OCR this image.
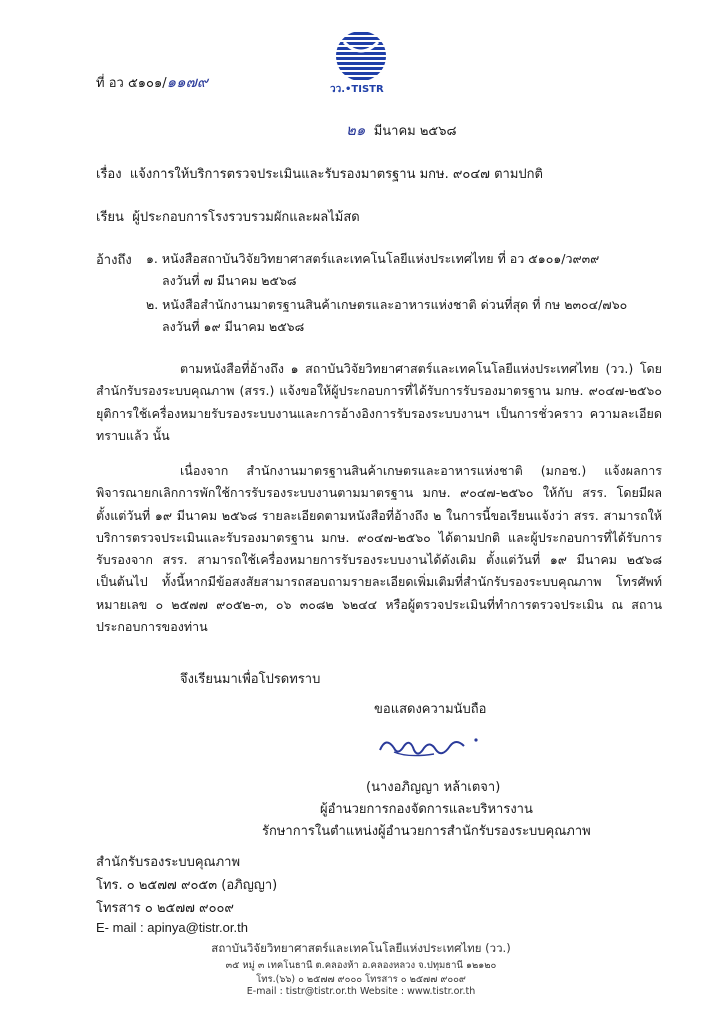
วว.•TISTR
ที่ อว ๕๑๐๑/๑๑๗๙
๒๑ มีนาคม ๒๕๖๘
เรื่อง แจ้งการให้บริการตรวจประเมินและรับรองมาตรฐาน มกษ. ๙๐๔๗ ตามปกติ
เรียน ผู้ประกอบการโรงรวบรวมผักและผลไม้สด
อ้างถึง ๑. หนังสือสถาบันวิจัยวิทยาศาสตร์และเทคโนโลยีแห่งประเทศไทย ที่ อว ๕๑๐๑/ว๙๓๙
ลงวันที่ ๗ มีนาคม ๒๕๖๘
๒. หนังสือสำนักงานมาตรฐานสินค้าเกษตรและอาหารแห่งชาติ ด่วนที่สุด ที่ กษ ๒๓๐๔/๗๖๐
ลงวันที่ ๑๙ มีนาคม ๒๕๖๘
ตามหนังสือที่อ้างถึง ๑ สถาบันวิจัยวิทยาศาสตร์และเทคโนโลยีแห่งประเทศไทย (วว.) โดยสำนักรับรองระบบคุณภาพ (สรร.) แจ้งขอให้ผู้ประกอบการที่ได้รับการรับรองมาตรฐาน มกษ. ๙๐๔๗-๒๕๖๐ ยุติการใช้เครื่องหมายรับรองระบบงานและการอ้างอิงการรับรองระบบงานฯ เป็นการชั่วคราว ความละเอียดทราบแล้ว นั้น
เนื่องจาก สำนักงานมาตรฐานสินค้าเกษตรและอาหารแห่งชาติ (มกอช.) แจ้งผลการพิจารณายกเลิกการพักใช้การรับรองระบบงานตามมาตรฐาน มกษ. ๙๐๔๗-๒๕๖๐ ให้กับ สรร. โดยมีผลตั้งแต่วันที่ ๑๙ มีนาคม ๒๕๖๘ รายละเอียดตามหนังสือที่อ้างถึง ๒ ในการนี้ขอเรียนแจ้งว่า สรร. สามารถให้บริการตรวจประเมินและรับรองมาตรฐาน มกษ. ๙๐๔๗-๒๕๖๐ ได้ตามปกติ และผู้ประกอบการที่ได้รับการรับรองจาก สรร. สามารถใช้เครื่องหมายการรับรองระบบงานได้ดังเดิม ตั้งแต่วันที่ ๑๙ มีนาคม ๒๕๖๘ เป็นต้นไป ทั้งนี้หากมีข้อสงสัยสามารถสอบถามรายละเอียดเพิ่มเติมที่สำนักรับรองระบบคุณภาพ โทรศัพท์หมายเลข ๐ ๒๕๗๗ ๙๐๕๒-๓, ๐๖ ๓๐๘๒ ๖๒๔๔ หรือผู้ตรวจประเมินที่ทำการตรวจประเมิน ณ สถานประกอบการของท่าน
จึงเรียนมาเพื่อโปรดทราบ
ขอแสดงความนับถือ
(นางอภิญญา หล้าเตจา)
ผู้อำนวยการกองจัดการและบริหารงาน
รักษาการในตำแหน่งผู้อำนวยการสำนักรับรองระบบคุณภาพ
สำนักรับรองระบบคุณภาพ
โทร. ๐ ๒๕๗๗ ๙๐๕๓ (อภิญญา)
โทรสาร ๐ ๒๕๗๗ ๙๐๐๙
E- mail : apinya@tistr.or.th
สถาบันวิจัยวิทยาศาสตร์และเทคโนโลยีแห่งประเทศไทย (วว.)
๓๕ หมู่ ๓ เทคโนธานี ต.คลองห้า อ.คลองหลวง จ.ปทุมธานี ๑๒๑๒๐
โทร.(๖๖) ๐ ๒๕๗๗ ๙๐๐๐ โทรสาร ๐ ๒๕๗๗ ๙๐๐๙
E-mail : tistr@tistr.or.th Website : www.tistr.or.th
